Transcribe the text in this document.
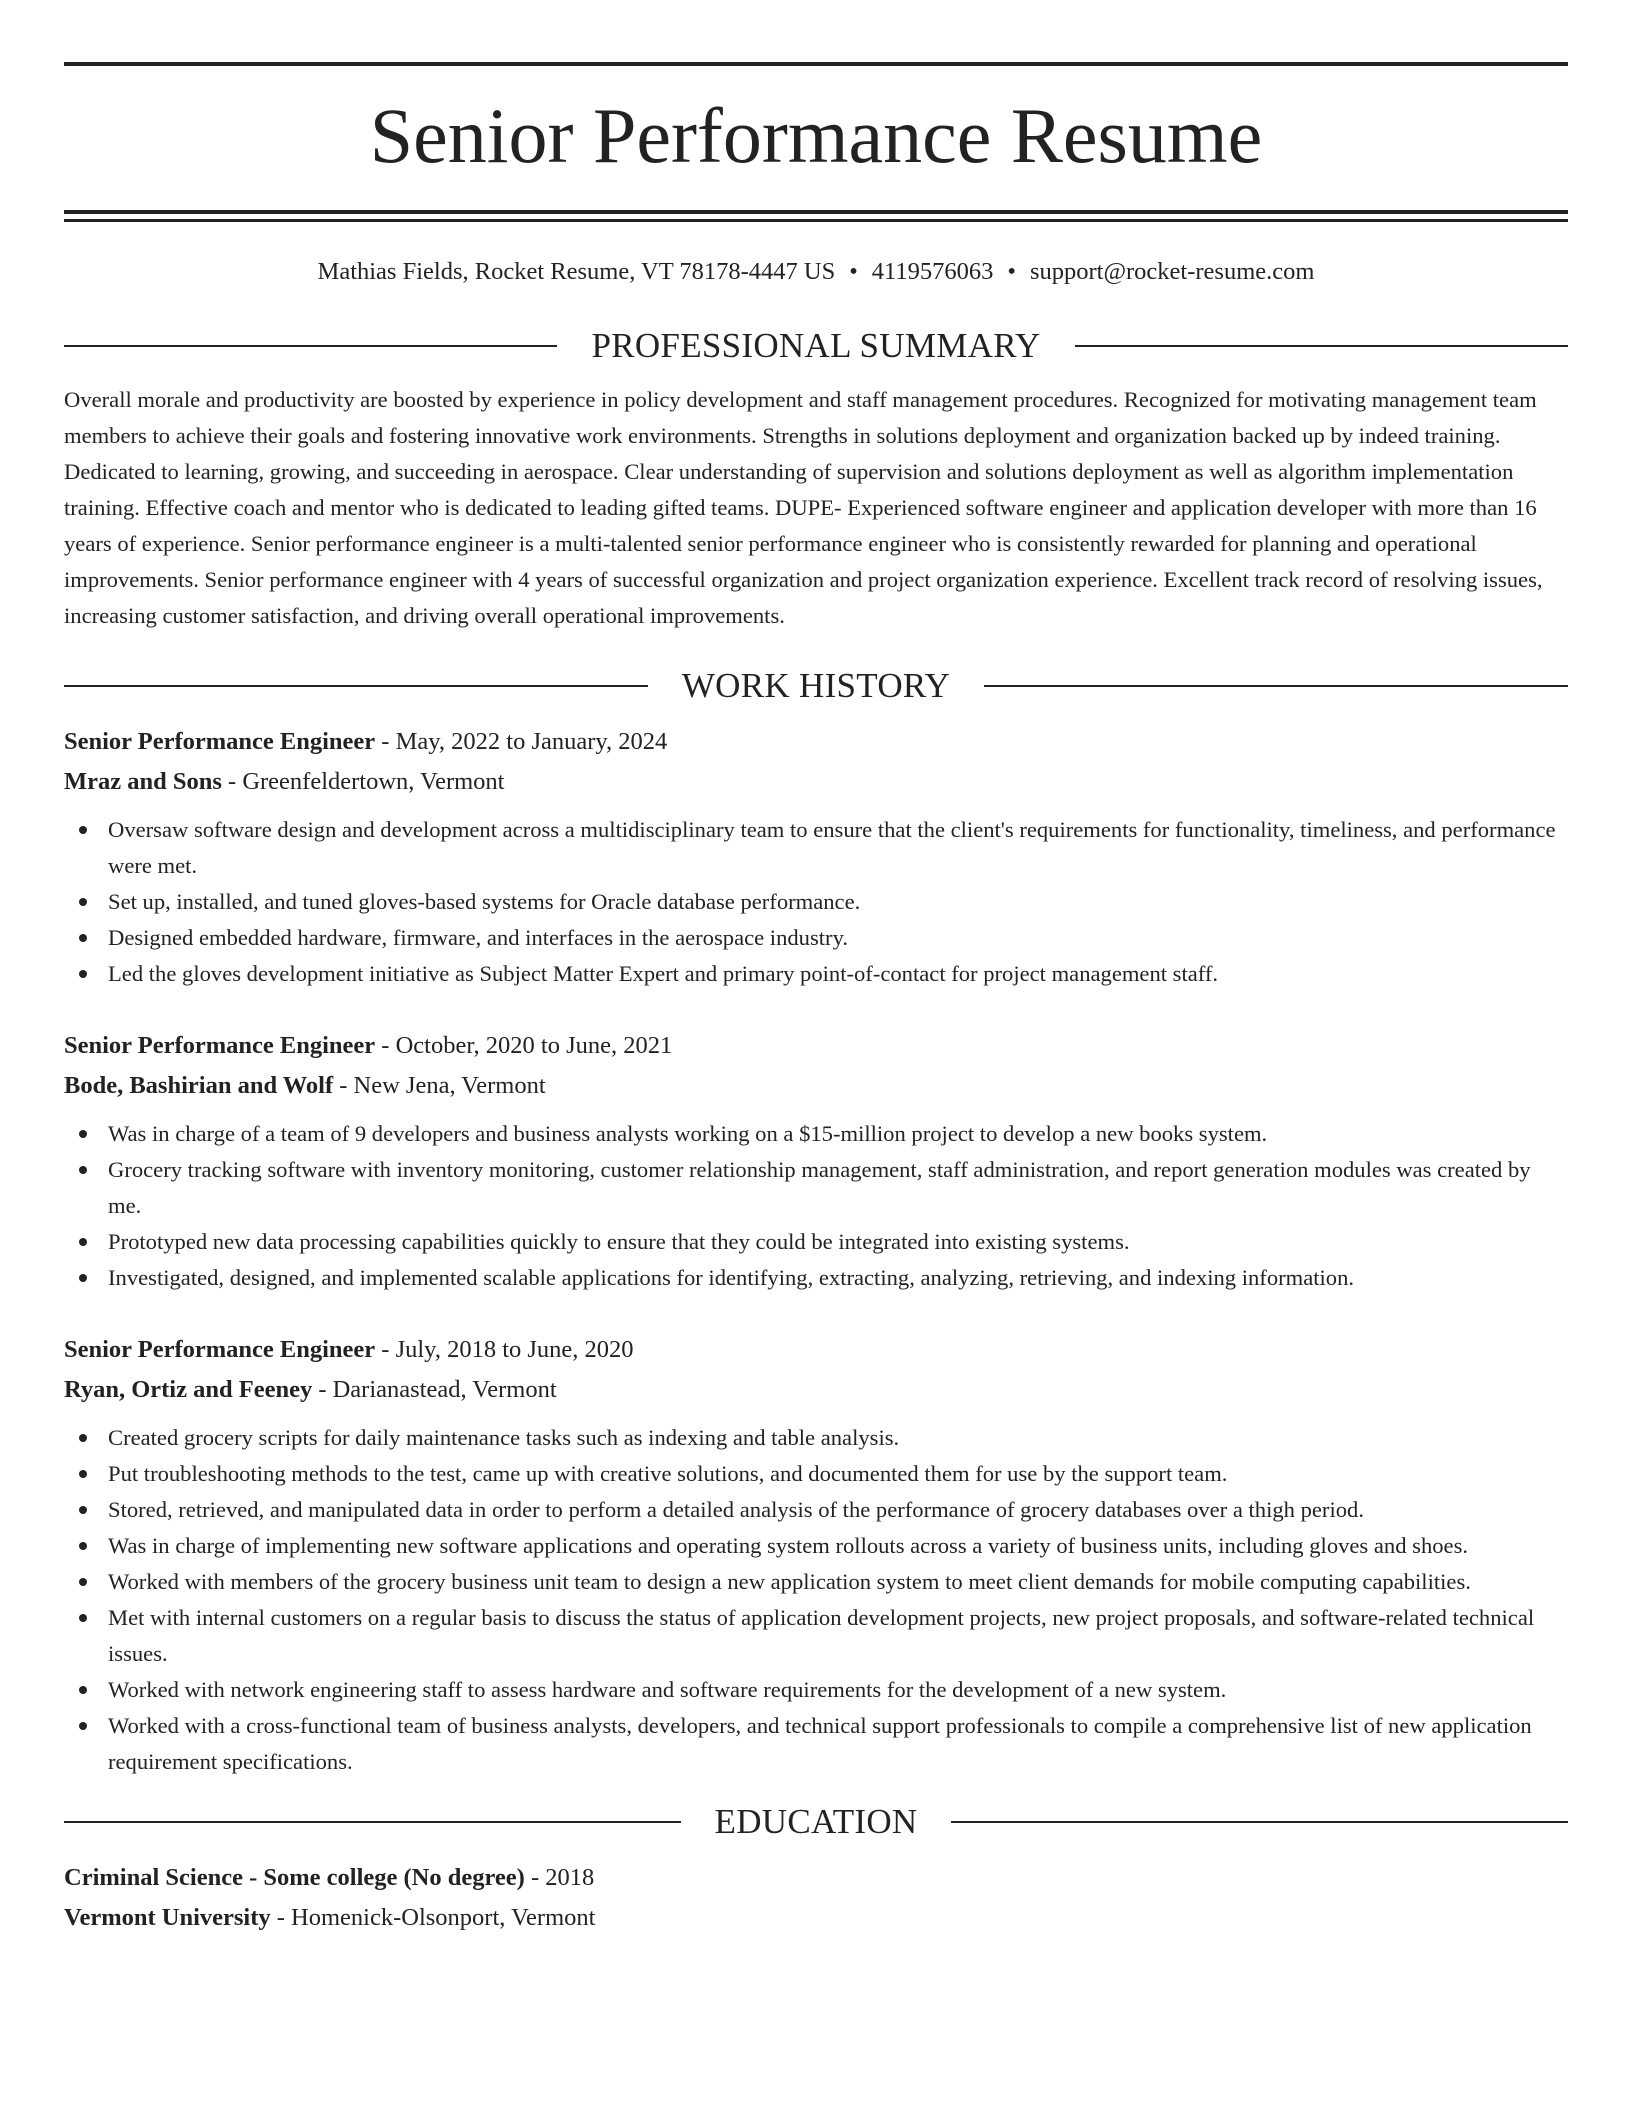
Senior Performance Resume
Mathias Fields, Rocket Resume, VT 78178-4447 US • 4119576063 • support@rocket-resume.com
PROFESSIONAL SUMMARY

Overall morale and productivity are boosted by experience in policy development and staff management procedures. Recognized for motivating management team members to achieve their goals and fostering innovative work environments. Strengths in solutions deployment and organization backed up by indeed training. Dedicated to learning, growing, and succeeding in aerospace. Clear understanding of supervision and solutions deployment as well as algorithm implementation training. Effective coach and mentor who is dedicated to leading gifted teams. DUPE- Experienced software engineer and application developer with more than 16 years of experience. Senior performance engineer is a multi-talented senior performance engineer who is consistently rewarded for planning and operational improvements. Senior performance engineer with 4 years of successful organization and project organization experience. Excellent track record of resolving issues, increasing customer satisfaction, and driving overall operational improvements.

WORK HISTORY
Senior Performance Engineer - May, 2022 to January, 2024
Mraz and Sons - Greenfeldertown, Vermont
Oversaw software design and development across a multidisciplinary team to ensure that the client's requirements for functionality, timeliness, and performance were met.
Set up, installed, and tuned gloves-based systems for Oracle database performance.
Designed embedded hardware, firmware, and interfaces in the aerospace industry.
Led the gloves development initiative as Subject Matter Expert and primary point-of-contact for project management staff.
Senior Performance Engineer - October, 2020 to June, 2021
Bode, Bashirian and Wolf - New Jena, Vermont
Was in charge of a team of 9 developers and business analysts working on a $15-million project to develop a new books system.
Grocery tracking software with inventory monitoring, customer relationship management, staff administration, and report generation modules was created by me.
Prototyped new data processing capabilities quickly to ensure that they could be integrated into existing systems.
Investigated, designed, and implemented scalable applications for identifying, extracting, analyzing, retrieving, and indexing information.
Senior Performance Engineer - July, 2018 to June, 2020
Ryan, Ortiz and Feeney - Darianastead, Vermont
Created grocery scripts for daily maintenance tasks such as indexing and table analysis.
Put troubleshooting methods to the test, came up with creative solutions, and documented them for use by the support team.
Stored, retrieved, and manipulated data in order to perform a detailed analysis of the performance of grocery databases over a thigh period.
Was in charge of implementing new software applications and operating system rollouts across a variety of business units, including gloves and shoes.
Worked with members of the grocery business unit team to design a new application system to meet client demands for mobile computing capabilities.
Met with internal customers on a regular basis to discuss the status of application development projects, new project proposals, and software-related technical issues.
Worked with network engineering staff to assess hardware and software requirements for the development of a new system.
Worked with a cross-functional team of business analysts, developers, and technical support professionals to compile a comprehensive list of new application requirement specifications.
EDUCATION
Criminal Science - Some college (No degree) - 2018
Vermont University - Homenick-Olsonport, Vermont
